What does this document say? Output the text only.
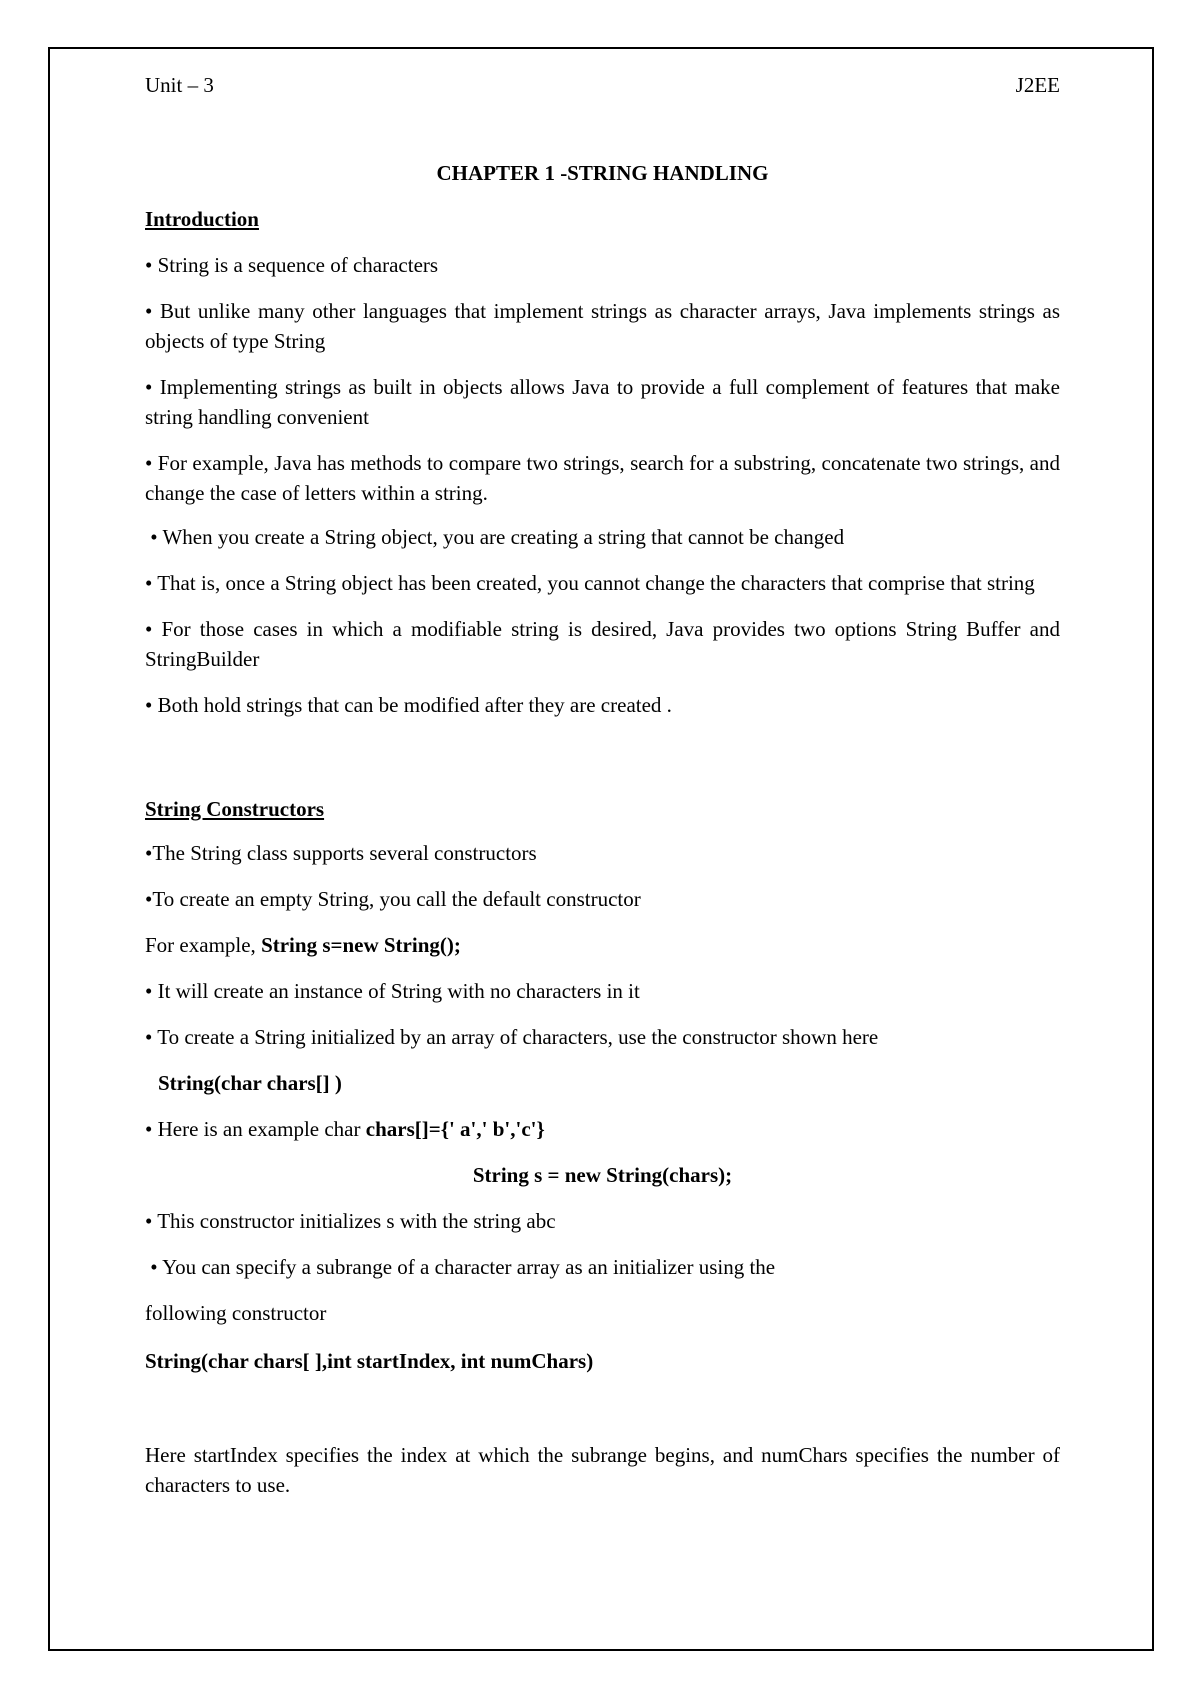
Unit – 3	J2EE
CHAPTER 1 -STRING HANDLING
Introduction
• String is a sequence of characters
• But unlike many other languages that implement strings as character arrays, Java implements strings as objects of type String
• Implementing strings as built in objects allows Java to provide a full complement of features that make string handling convenient
• For example, Java has methods to compare two strings, search for a substring, concatenate two strings, and change the case of letters within a string.
• When you create a String object, you are creating a string that cannot be changed
• That is, once a String object has been created, you cannot change the characters that comprise that string
• For those cases in which a modifiable string is desired, Java provides two options String Buffer and StringBuilder
• Both hold strings that can be modified after they are created .
String Constructors
•The String class supports several constructors
•To create an empty String, you call the default constructor
For example, String s=new String();
• It will create an instance of String with no characters in it
• To create a String initialized by an array of characters, use the constructor shown here
String(char chars[] )
• Here is an example char chars[]={' a',' b','c'}
String s = new String(chars);
• This constructor initializes s with the string abc
• You can specify a subrange of a character array as an initializer using the
following constructor
String(char chars[ ],int startIndex, int numChars)
Here startIndex specifies the index at which the subrange begins, and numChars specifies the number of characters to use.
